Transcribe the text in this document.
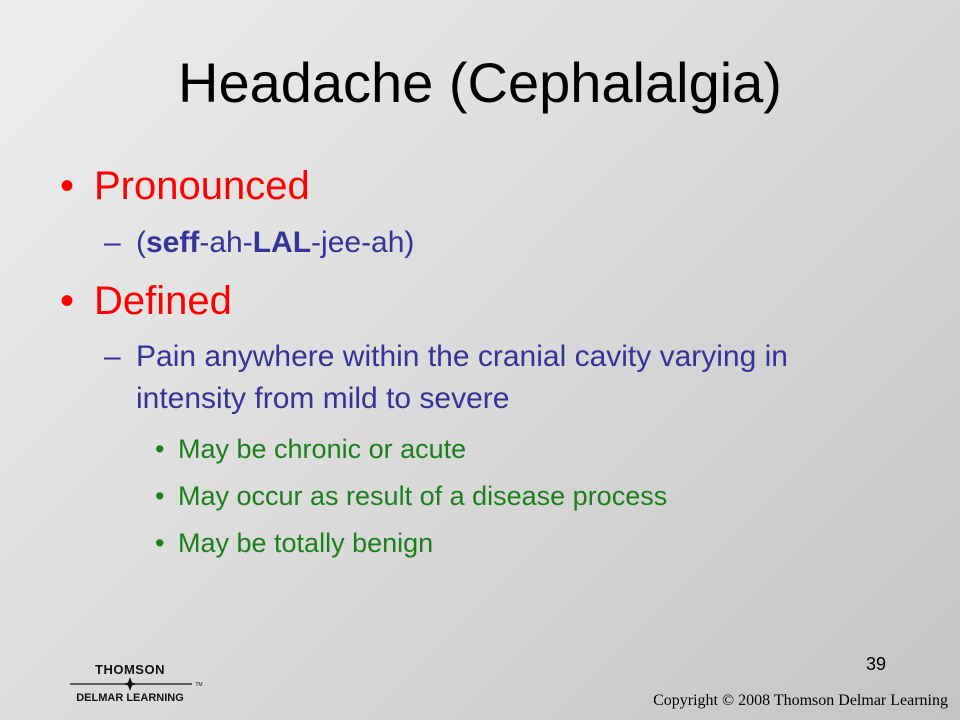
Headache (Cephalalgia)
• Pronounced
– (seff-ah-LAL-jee-ah)
• Defined
– Pain anywhere within the cranial cavity varying in intensity from mild to severe
• May be chronic or acute
• May occur as result of a disease process
• May be totally benign
39
Copyright © 2008 Thomson Delmar Learning
THOMSON
DELMAR LEARNING
TM
